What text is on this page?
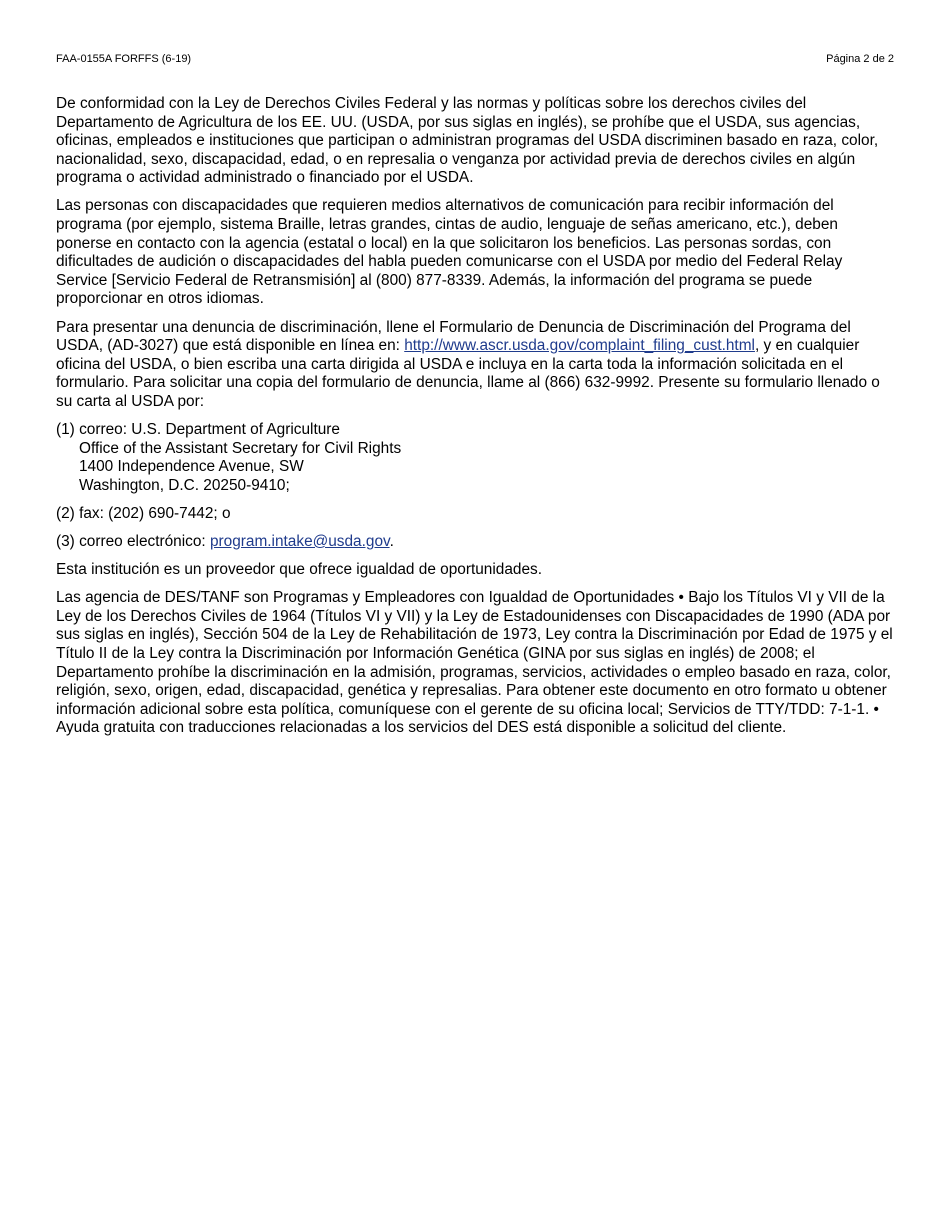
FAA-0155A FORFFS (6-19)	Página 2 de 2

De conformidad con la Ley de Derechos Civiles Federal y las normas y políticas sobre los derechos civiles del Departamento de Agricultura de los EE. UU. (USDA, por sus siglas en inglés), se prohíbe que el USDA, sus agencias, oficinas, empleados e instituciones que participan o administran programas del USDA discriminen basado en raza, color, nacionalidad, sexo, discapacidad, edad, o en represalia o venganza por actividad previa de derechos civiles en algún programa o actividad administrado o financiado por el USDA.

Las personas con discapacidades que requieren medios alternativos de comunicación para recibir información del programa (por ejemplo, sistema Braille, letras grandes, cintas de audio, lenguaje de señas americano, etc.), deben ponerse en contacto con la agencia (estatal o local) en la que solicitaron los beneficios. Las personas sordas, con dificultades de audición o discapacidades del habla pueden comunicarse con el USDA por medio del Federal Relay Service [Servicio Federal de Retransmisión] al (800) 877-8339. Además, la información del programa se puede proporcionar en otros idiomas.

Para presentar una denuncia de discriminación, llene el Formulario de Denuncia de Discriminación del Programa del USDA, (AD-3027) que está disponible en línea en: http://www.ascr.usda.gov/complaint_filing_cust.html, y en cualquier oficina del USDA, o bien escriba una carta dirigida al USDA e incluya en la carta toda la información solicitada en el formulario. Para solicitar una copia del formulario de denuncia, llame al (866) 632-9992. Presente su formulario llenado o su carta al USDA por:

(1) correo: U.S. Department of Agriculture

Office of the Assistant Secretary for Civil Rights

1400 Independence Avenue, SW

Washington, D.C. 20250-9410;

(2) fax: (202) 690-7442; o

(3) correo electrónico: program.intake@usda.gov.

Esta institución es un proveedor que ofrece igualdad de oportunidades.

Las agencia de DES/TANF son Programas y Empleadores con Igualdad de Oportunidades • Bajo los Títulos VI y VII de la Ley de los Derechos Civiles de 1964 (Títulos VI y VII) y la Ley de Estadounidenses con Discapacidades de 1990 (ADA por sus siglas en inglés), Sección 504 de la Ley de Rehabilitación de 1973, Ley contra la Discriminación por Edad de 1975 y el Título II de la Ley contra la Discriminación por Información Genética (GINA por sus siglas en inglés) de 2008; el Departamento prohíbe la discriminación en la admisión, programas, servicios, actividades o empleo basado en raza, color, religión, sexo, origen, edad, discapacidad, genética y represalias. Para obtener este documento en otro formato u obtener información adicional sobre esta política, comuníquese con el gerente de su oficina local; Servicios de TTY/TDD: 7-1-1. • Ayuda gratuita con traducciones relacionadas a los servicios del DES está disponible a solicitud del cliente.
